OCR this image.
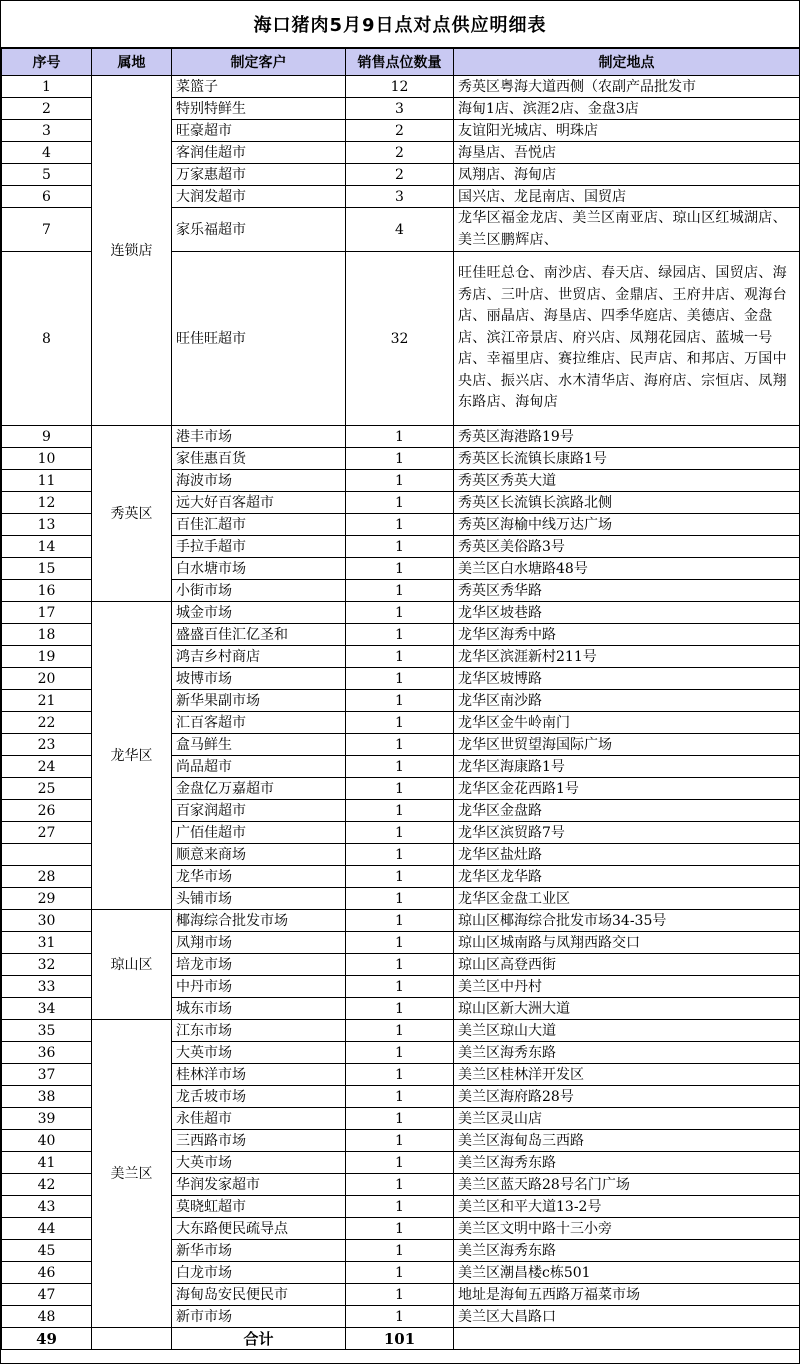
海口猪肉5月9日点对点供应明细表
序号	属地	制定客户	销售点位数量	制定地点
1	连锁店	菜篮子	12	秀英区粤海大道西侧（农副产品批发市
2		特别特鲜生	3	海甸1店、滨涯2店、金盘3店
3		旺豪超市	2	友谊阳光城店、明珠店
4		客润佳超市	2	海垦店、吾悦店
5		万家惠超市	2	凤翔店、海甸店
6		大润发超市	3	国兴店、龙昆南店、国贸店
7		家乐福超市	4	龙华区福金龙店、美兰区南亚店、琼山区红城湖店、美兰区鹏辉店、
8		旺佳旺超市	32	旺佳旺总仓、南沙店、春天店、绿园店、国贸店、海秀店、三叶店、世贸店、金鼎店、王府井店、观海台店、丽晶店、海垦店、四季华庭店、美德店、金盘店、滨江帝景店、府兴店、凤翔花园店、蓝城一号店、幸福里店、赛拉维店、民声店、和邦店、万国中央店、振兴店、水木清华店、海府店、宗恒店、凤翔东路店、海甸店
9	秀英区	港丰市场	1	秀英区海港路19号
10		家佳惠百货	1	秀英区长流镇长康路1号
11		海波市场	1	秀英区秀英大道
12		远大好百客超市	1	秀英区长流镇长滨路北侧
13		百佳汇超市	1	秀英区海榆中线万达广场
14		手拉手超市	1	秀英区美俗路3号
15		白水塘市场	1	美兰区白水塘路48号
16		小街市场	1	秀英区秀华路
17	龙华区	城金市场	1	龙华区坡巷路
18		盛盛百佳汇亿圣和	1	龙华区海秀中路
19		鸿吉乡村商店	1	龙华区滨涯新村211号
20		坡博市场	1	龙华区坡博路
21		新华果副市场	1	龙华区南沙路
22		汇百客超市	1	龙华区金牛岭南门
23		盒马鲜生	1	龙华区世贸望海国际广场
24		尚品超市	1	龙华区海康路1号
25		金盘亿万嘉超市	1	龙华区金花西路1号
26		百家润超市	1	龙华区金盘路
27		广佰佳超市	1	龙华区滨贸路7号
		顺意来商场	1	龙华区盐灶路
28		龙华市场	1	龙华区龙华路
29		头铺市场	1	龙华区金盘工业区
30	琼山区	椰海综合批发市场	1	琼山区椰海综合批发市场34-35号
31		凤翔市场	1	琼山区城南路与凤翔西路交口
32		培龙市场	1	琼山区高登西街
33		中丹市场	1	美兰区中丹村
34		城东市场	1	琼山区新大洲大道
35	美兰区	江东市场	1	美兰区琼山大道
36		大英市场	1	美兰区海秀东路
37		桂林洋市场	1	美兰区桂林洋开发区
38		龙舌坡市场	1	美兰区海府路28号
39		永佳超市	1	美兰区灵山店
40		三西路市场	1	美兰区海甸岛三西路
41		大英市场	1	美兰区海秀东路
42		华润发家超市	1	美兰区蓝天路28号名门广场
43		莫晓虹超市	1	美兰区和平大道13-2号
44		大东路便民疏导点	1	美兰区文明中路十三小旁
45		新华市场	1	美兰区海秀东路
46		白龙市场	1	美兰区潮昌楼c栋501
47		海甸岛安民便民市	1	地址是海甸五西路万福菜市场
48		新市市场	1	美兰区大昌路口
49		合计	101	
